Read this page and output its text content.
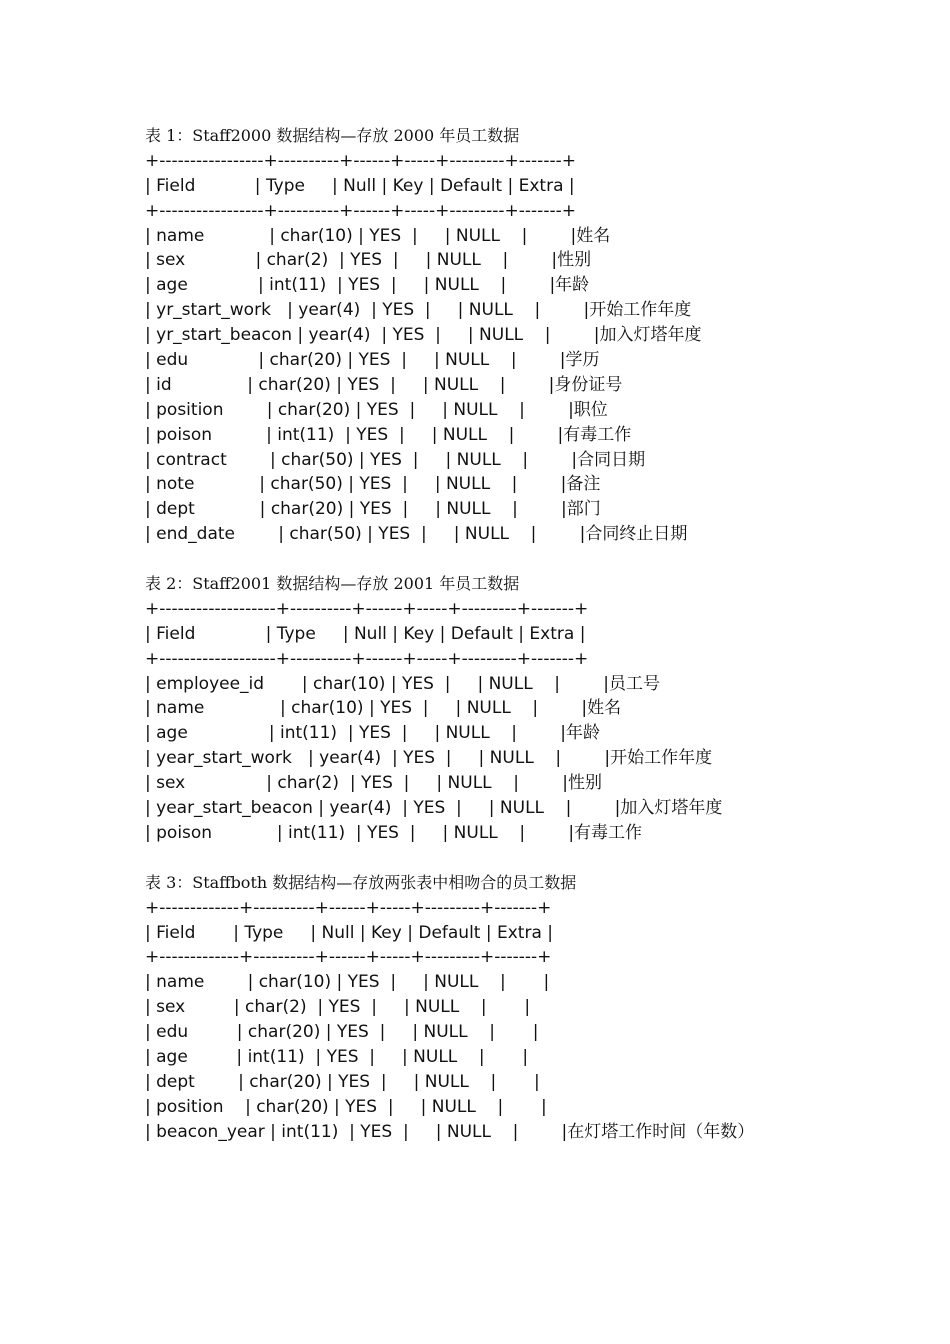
表 1：Staff2000 数据结构—存放 2000 年员工数据
+-----------------+----------+------+-----+---------+-------+
| Field           | Type     | Null | Key | Default | Extra |
+-----------------+----------+------+-----+---------+-------+
| name            | char(10) | YES  |     | NULL    |        |姓名
| sex             | char(2)  | YES  |     | NULL    |        |性别
| age             | int(11)  | YES  |     | NULL    |        |年龄
| yr_start_work   | year(4)  | YES  |     | NULL    |        |开始工作年度
| yr_start_beacon | year(4)  | YES  |     | NULL    |        |加入灯塔年度
| edu             | char(20) | YES  |     | NULL    |        |学历
| id              | char(20) | YES  |     | NULL    |        |身份证号
| position        | char(20) | YES  |     | NULL    |        |职位
| poison          | int(11)  | YES  |     | NULL    |        |有毒工作
| contract        | char(50) | YES  |     | NULL    |        |合同日期
| note            | char(50) | YES  |     | NULL    |        |备注
| dept            | char(20) | YES  |     | NULL    |        |部门
| end_date        | char(50) | YES  |     | NULL    |        |合同终止日期
表 2：Staff2001 数据结构—存放 2001 年员工数据
+-------------------+----------+------+-----+---------+-------+
| Field             | Type     | Null | Key | Default | Extra |
+-------------------+----------+------+-----+---------+-------+
| employee_id       | char(10) | YES  |     | NULL    |        |员工号
| name              | char(10) | YES  |     | NULL    |        |姓名
| age               | int(11)  | YES  |     | NULL    |        |年龄
| year_start_work   | year(4)  | YES  |     | NULL    |        |开始工作年度
| sex               | char(2)  | YES  |     | NULL    |        |性别
| year_start_beacon | year(4)  | YES  |     | NULL    |        |加入灯塔年度
| poison            | int(11)  | YES  |     | NULL    |        |有毒工作
表 3：Staffboth 数据结构—存放两张表中相吻合的员工数据
+-------------+----------+------+-----+---------+-------+
| Field       | Type     | Null | Key | Default | Extra |
+-------------+----------+------+-----+---------+-------+
| name        | char(10) | YES  |     | NULL    |       |
| sex         | char(2)  | YES  |     | NULL    |       |
| edu         | char(20) | YES  |     | NULL    |       |
| age         | int(11)  | YES  |     | NULL    |       |
| dept        | char(20) | YES  |     | NULL    |       |
| position    | char(20) | YES  |     | NULL    |       |
| beacon_year | int(11)  | YES  |     | NULL    |        |在灯塔工作时间（年数）
